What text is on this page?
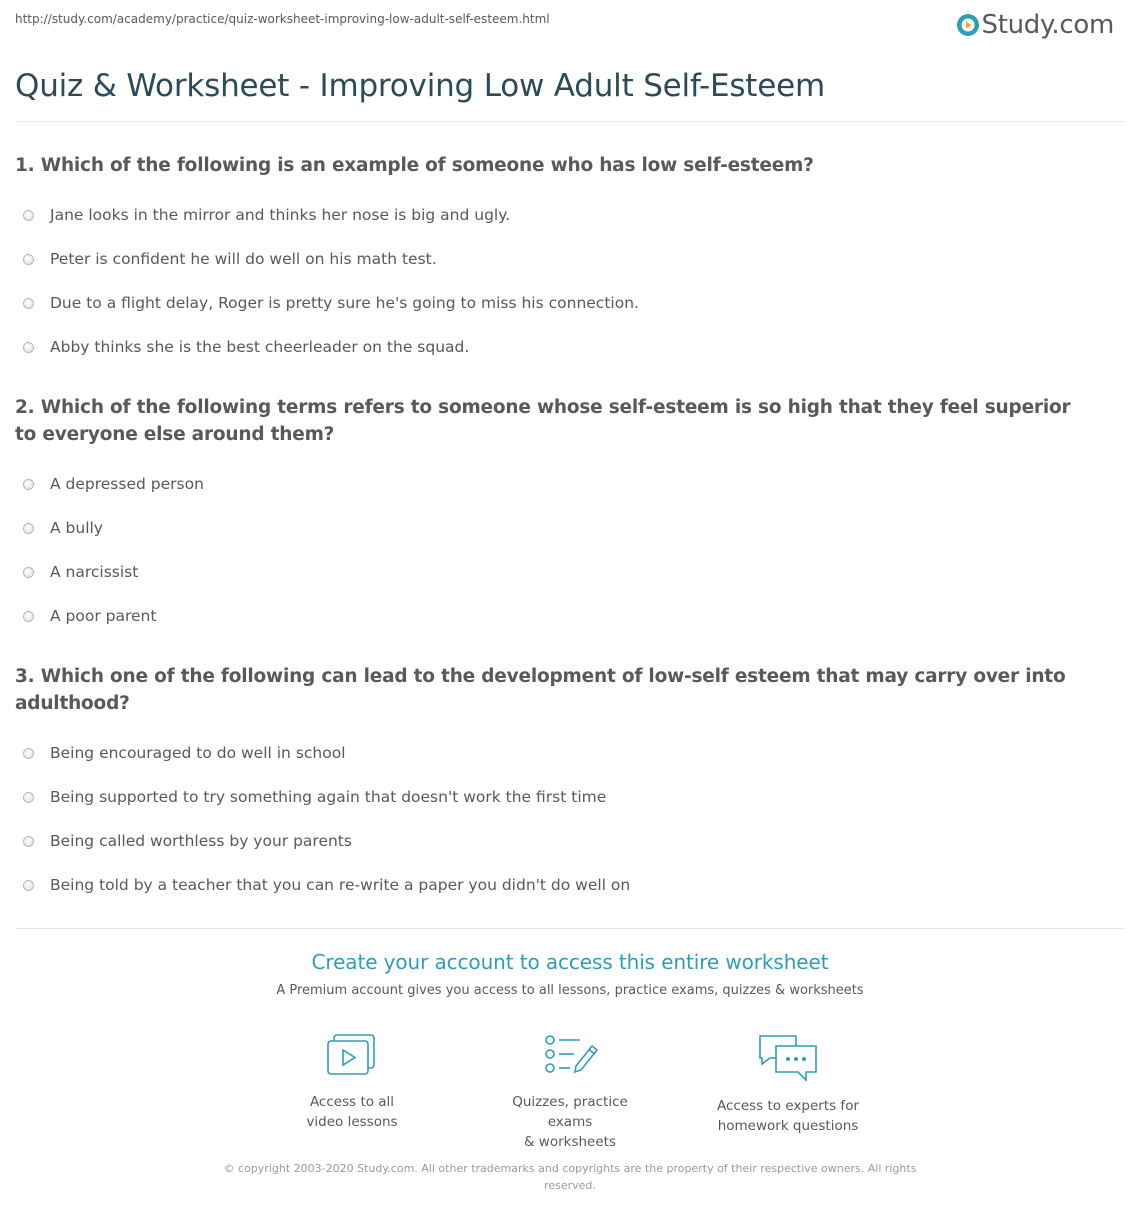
http://study.com/academy/practice/quiz-worksheet-improving-low-adult-self-esteem.html	Study.com
Quiz & Worksheet - Improving Low Adult Self-Esteem

1. Which of the following is an example of someone who has low self-esteem?

Jane looks in the mirror and thinks her nose is big and ugly.
Peter is confident he will do well on his math test.
Due to a flight delay, Roger is pretty sure he's going to miss his connection.
Abby thinks she is the best cheerleader on the squad.

2. Which of the following terms refers to someone whose self-esteem is so high that they feel superior to everyone else around them?

A depressed person
A bully
A narcissist
A poor parent

3. Which one of the following can lead to the development of low-self esteem that may carry over into adulthood?

Being encouraged to do well in school
Being supported to try something again that doesn't work the first time
Being called worthless by your parents
Being told by a teacher that you can re-write a paper you didn't do well on

Create your account to access this entire worksheet

A Premium account gives you access to all lessons, practice exams, quizzes & worksheets

Access to all
video lessons
Quizzes, practice exams
& worksheets
Access to experts for
homework questions
© copyright 2003-2020 Study.com. All other trademarks and copyrights are the property of their respective owners. All rights reserved.
